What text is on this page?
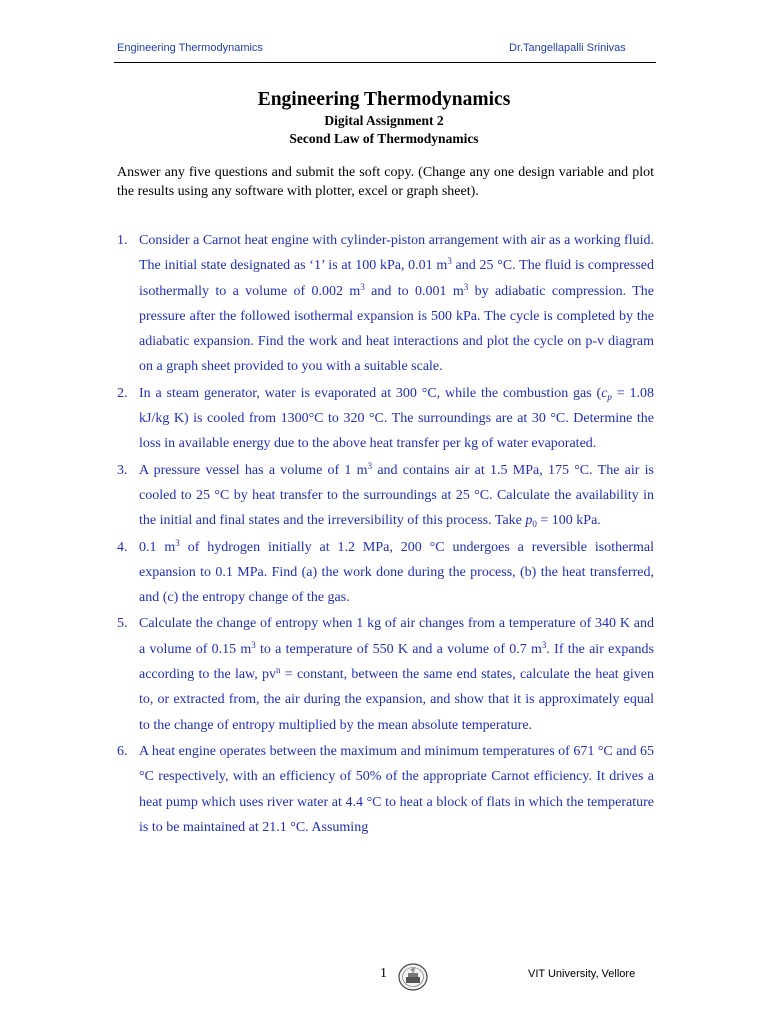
Engineering Thermodynamics	Dr.Tangellapalli Srinivas
Engineering Thermodynamics
Digital Assignment 2
Second Law of Thermodynamics
Answer any five questions and submit the soft copy. (Change any one design variable and plot the results using any software with plotter, excel or graph sheet).
1. Consider a Carnot heat engine with cylinder-piston arrangement with air as a working fluid. The initial state designated as ‘1’ is at 100 kPa, 0.01 $m^3$ and 25 °C. The fluid is compressed isothermally to a volume of 0.002 $m^3$ and to 0.001 $m^3$ by adiabatic compression. The pressure after the followed isothermal expansion is 500 kPa. The cycle is completed by the adiabatic expansion. Find the work and heat interactions and plot the cycle on p-v diagram on a graph sheet provided to you with a suitable scale.
2. In a steam generator, water is evaporated at 300 °C, while the combustion gas ($c_p = 1.08$ kJ/kg K) is cooled from 1300°C to 320 °C. The surroundings are at 30 °C. Determine the loss in available energy due to the above heat transfer per kg of water evaporated.
3. A pressure vessel has a volume of 1 $m^3$ and contains air at 1.5 MPa, 175 °C. The air is cooled to 25 °C by heat transfer to the surroundings at 25 °C. Calculate the availability in the initial and final states and the irreversibility of this process. Take $p_0 = 100$ kPa.
4. 0.1 $m^3$ of hydrogen initially at 1.2 MPa, 200 °C undergoes a reversible isothermal expansion to 0.1 MPa. Find (a) the work done during the process, (b) the heat transferred, and (c) the entropy change of the gas.
5. Calculate the change of entropy when 1 kg of air changes from a temperature of 340 K and a volume of 0.15 $m^3$ to a temperature of 550 K and a volume of 0.7 $m^3$. If the air expands according to the law, $pv^n$ = constant, between the same end states, calculate the heat given to, or extracted from, the air during the expansion, and show that it is approximately equal to the change of entropy multiplied by the mean absolute temperature.
6. A heat engine operates between the maximum and minimum temperatures of 671 °C and 65 °C respectively, with an efficiency of 50% of the appropriate Carnot efficiency. It drives a heat pump which uses river water at 4.4 °C to heat a block of flats in which the temperature is to be maintained at 21.1 °C. Assuming
1	VIT	VIT University, Vellore
